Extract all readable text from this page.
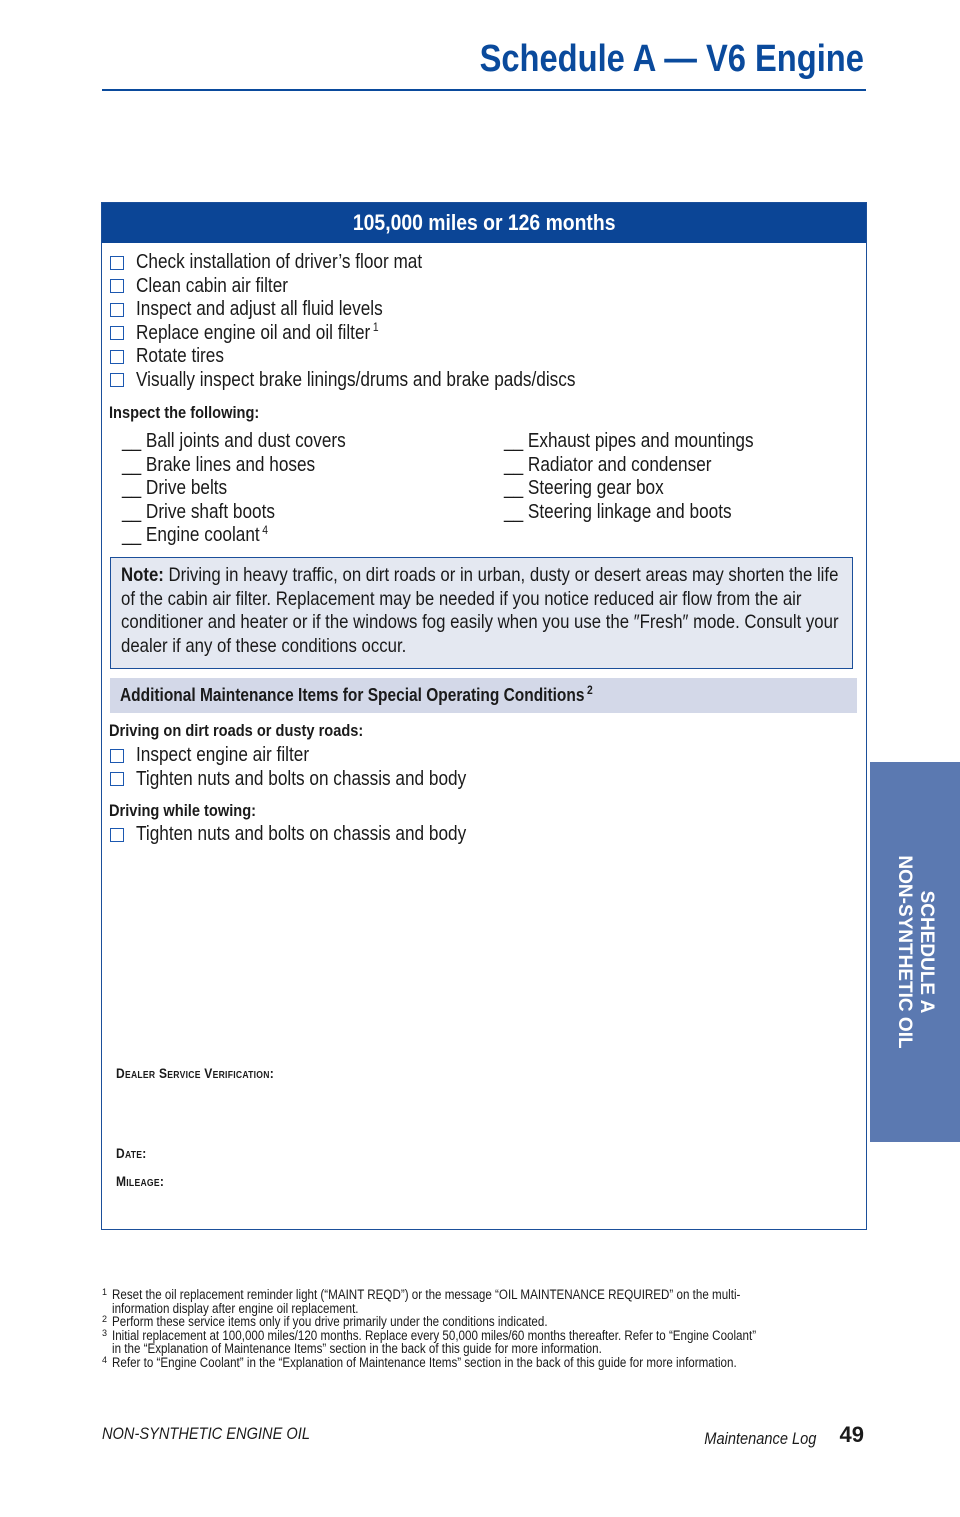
Schedule A — V6 Engine
105,000 miles or 126 months
Check installation of driver’s floor mat
Clean cabin air filter
Inspect and adjust all fluid levels
Replace engine oil and oil filter $^1$
Rotate tires
Visually inspect brake linings/drums and brake pads/discs
Inspect the following:
__ Ball joints and dust covers
__ Brake lines and hoses
__ Drive belts
__ Drive shaft boots
__ Engine coolant $^4$
__ Exhaust pipes and mountings
__ Radiator and condenser
__ Steering gear box
__ Steering linkage and boots

Note: Driving in heavy traffic, on dirt roads or in urban, dusty or desert areas may shorten the life of the cabin air filter. Replacement may be needed if you notice reduced air flow from the air conditioner and heater or if the windows fog easily when you use the ″Fresh″ mode. Consult your dealer if any of these conditions occur.

Additional Maintenance Items for Special Operating Conditions $^2$
Driving on dirt roads or dusty roads:
Inspect engine air filter
Tighten nuts and bolts on chassis and body
Driving while towing:
Tighten nuts and bolts on chassis and body
Dealer Service Verification:
Date:
Mileage:
1 Reset the oil replacement reminder light (“MAINT REQD”) or the message “OIL MAINTENANCE REQUIRED” on the multi-information display after engine oil replacement.
2 Perform these service items only if you drive primarily under the conditions indicated.
3 Initial replacement at 100,000 miles/120 months. Replace every 50,000 miles/60 months thereafter. Refer to “Engine Coolant” in the “Explanation of Maintenance Items” section in the back of this guide for more information.
4 Refer to “Engine Coolant” in the “Explanation of Maintenance Items” section in the back of this guide for more information.
NON-SYNTHETIC ENGINE OIL	Maintenance Log 49
SCHEDULE A
NON-SYNTHETIC OIL
